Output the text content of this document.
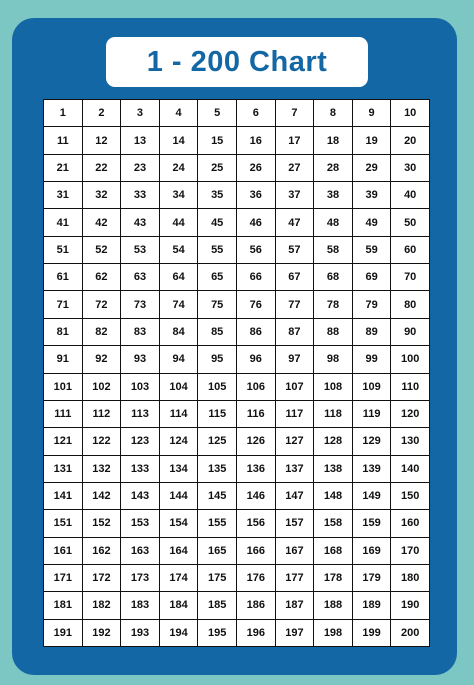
1 - 200 Chart
1	2	3	4	5	6	7	8	9	10
11	12	13	14	15	16	17	18	19	20
21	22	23	24	25	26	27	28	29	30
31	32	33	34	35	36	37	38	39	40
41	42	43	44	45	46	47	48	49	50
51	52	53	54	55	56	57	58	59	60
61	62	63	64	65	66	67	68	69	70
71	72	73	74	75	76	77	78	79	80
81	82	83	84	85	86	87	88	89	90
91	92	93	94	95	96	97	98	99	100
101	102	103	104	105	106	107	108	109	110
111	112	113	114	115	116	117	118	119	120
121	122	123	124	125	126	127	128	129	130
131	132	133	134	135	136	137	138	139	140
141	142	143	144	145	146	147	148	149	150
151	152	153	154	155	156	157	158	159	160
161	162	163	164	165	166	167	168	169	170
171	172	173	174	175	176	177	178	179	180
181	182	183	184	185	186	187	188	189	190
191	192	193	194	195	196	197	198	199	200
